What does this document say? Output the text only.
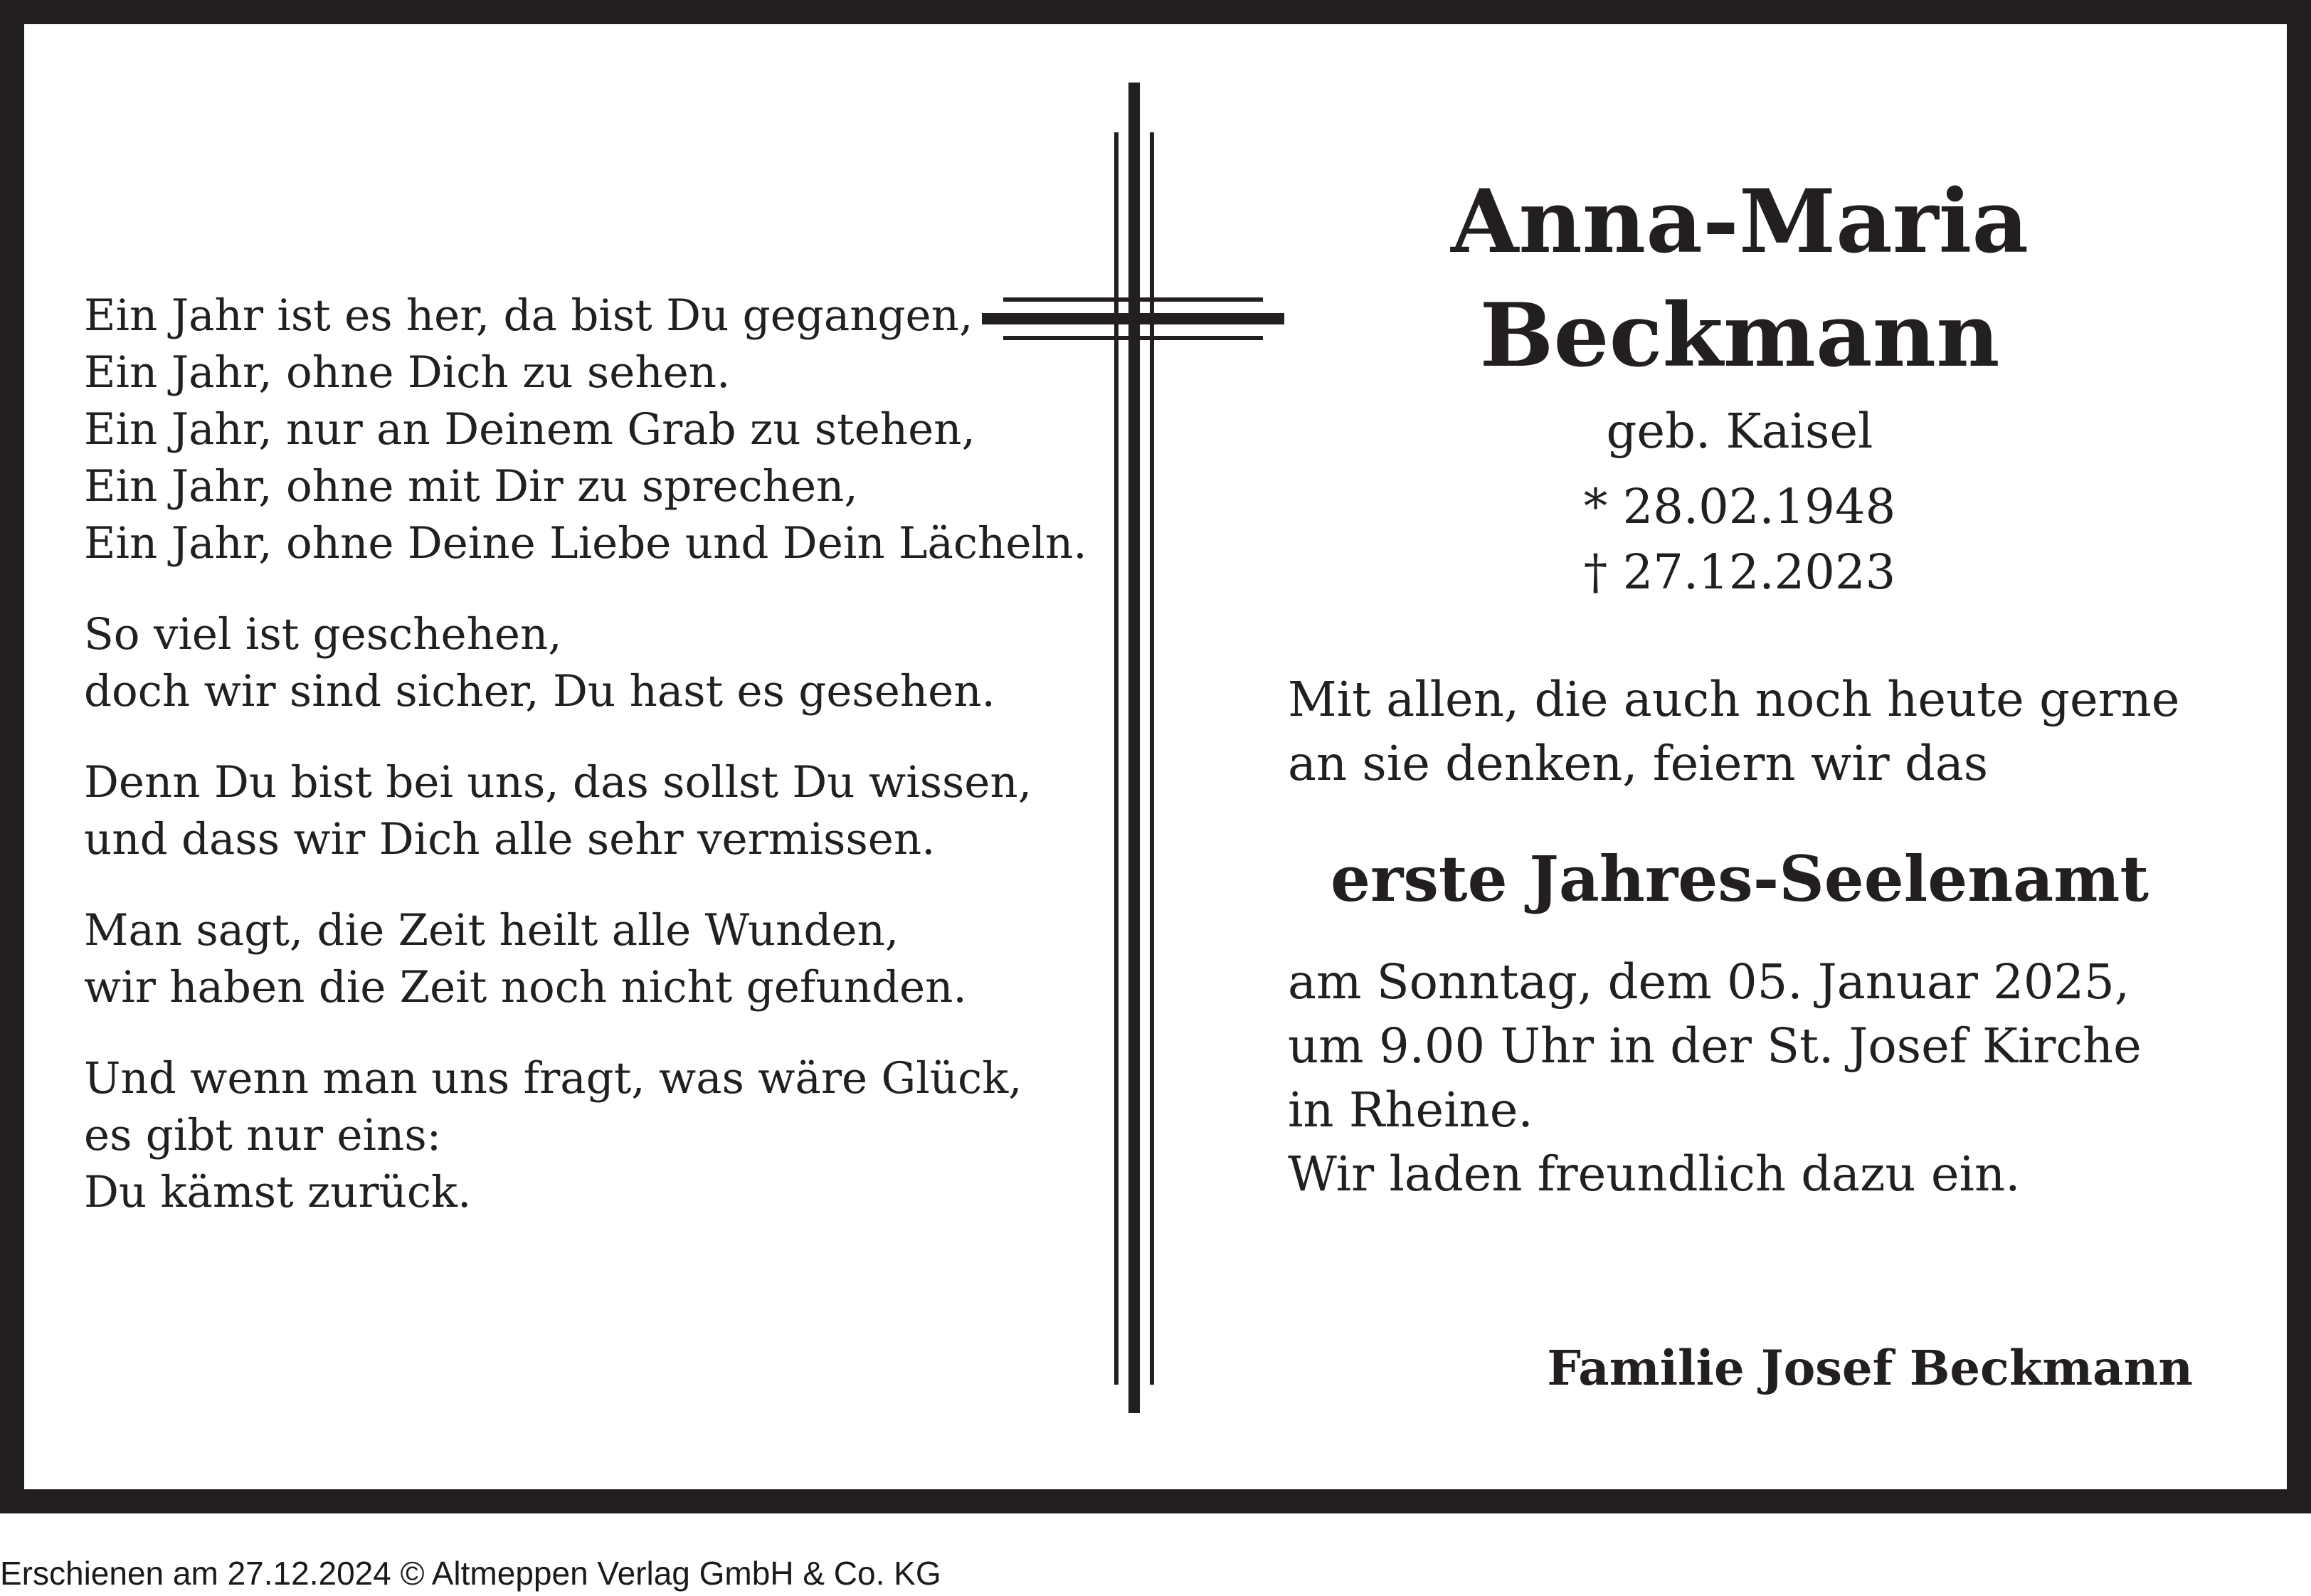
Ein Jahr ist es her, da bist Du gegangen,
Ein Jahr, ohne Dich zu sehen.
Ein Jahr, nur an Deinem Grab zu stehen,
Ein Jahr, ohne mit Dir zu sprechen,
Ein Jahr, ohne Deine Liebe und Dein Lächeln.
So viel ist geschehen,
doch wir sind sicher, Du hast es gesehen.
Denn Du bist bei uns, das sollst Du wissen,
und dass wir Dich alle sehr vermissen.
Man sagt, die Zeit heilt alle Wunden,
wir haben die Zeit noch nicht gefunden.
Und wenn man uns fragt, was wäre Glück,
es gibt nur eins:
Du kämst zurück.
Anna-Maria
Beckmann
geb. Kaisel
* 28.02.1948
† 27.12.2023
Mit allen, die auch noch heute gerne
an sie denken, feiern wir das
erste Jahres-Seelenamt
am Sonntag, dem 05. Januar 2025,
um 9.00 Uhr in der St. Josef Kirche
in Rheine.
Wir laden freundlich dazu ein.
Familie Josef Beckmann
Erschienen am 27.12.2024 © Altmeppen Verlag GmbH & Co. KG
